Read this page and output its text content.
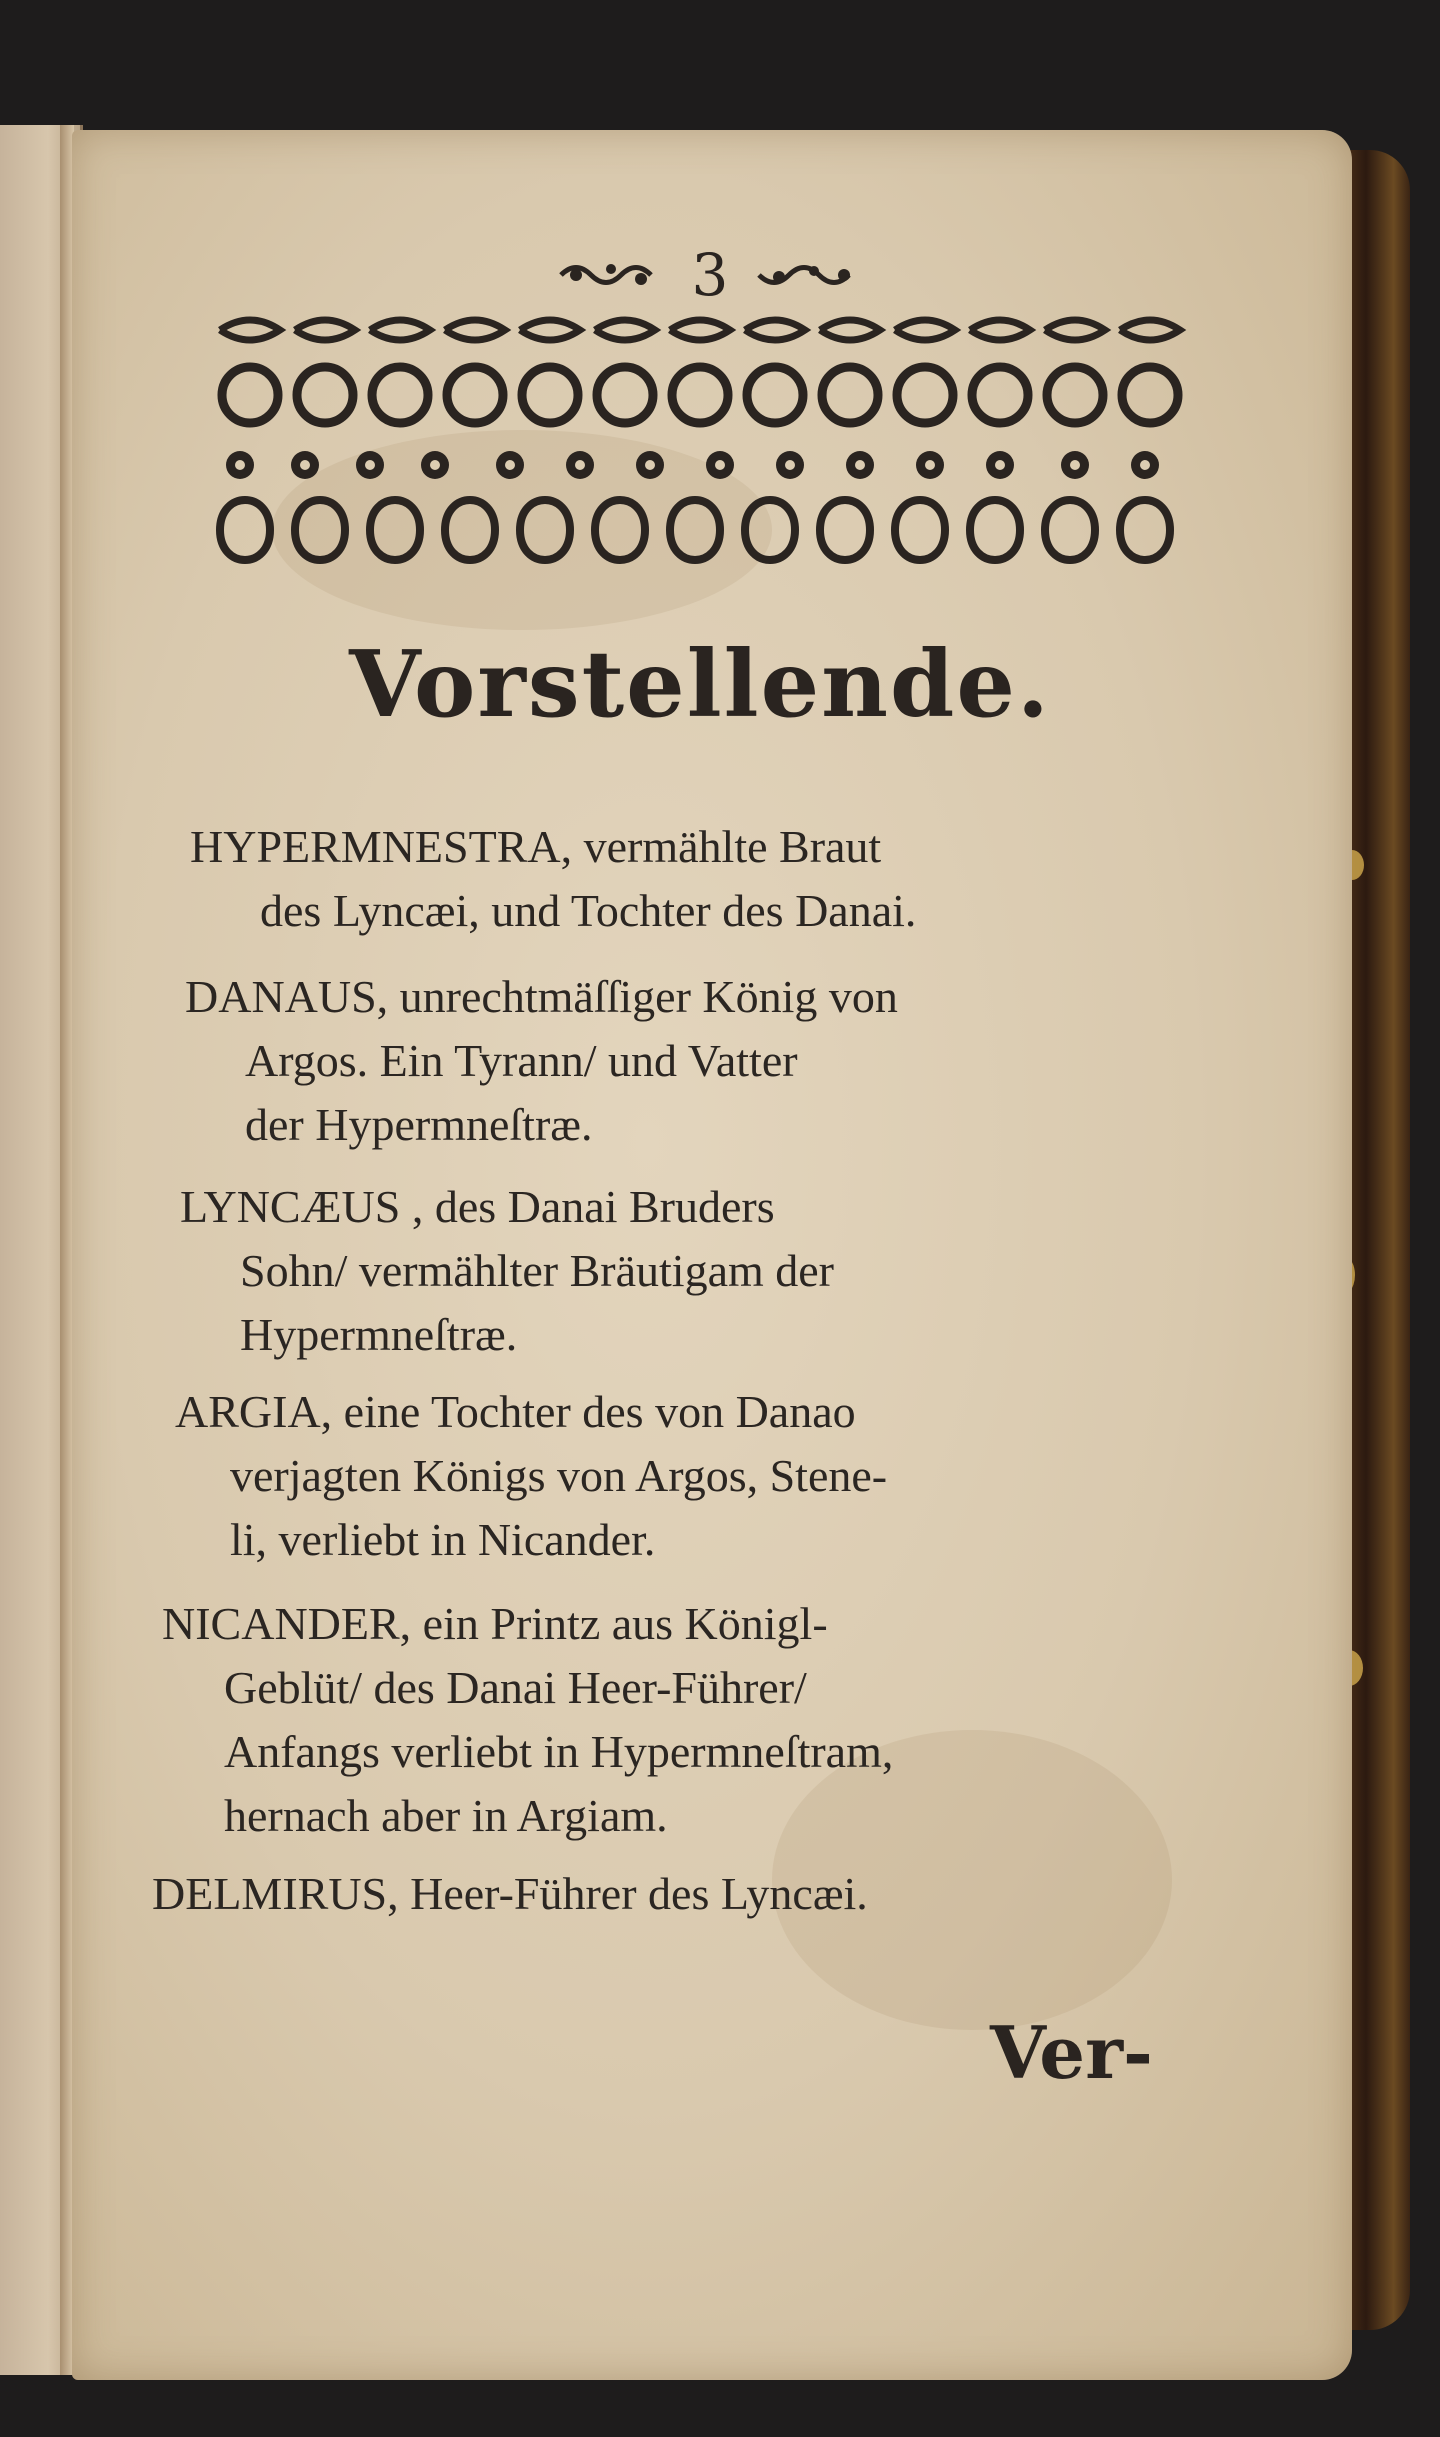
3
Vorstellende.
HYPERMNESTRA, vermählte Braut
des Lyncæi, und Tochter des Danai.
DANAUS, unrechtmäſſiger König von
Argos. Ein Tyrann/ und Vatter
der Hypermneſtræ.
LYNCÆUS , des Danai Bruders
Sohn/ vermählter Bräutigam der
Hypermneſtræ.
ARGIA, eine Tochter des von Danao
verjagten Königs von Argos, Stene-
li, verliebt in Nicander.
NICANDER, ein Printz aus Königl-
Geblüt/ des Danai Heer-Führer/
Anfangs verliebt in Hypermneſtram,
hernach aber in Argiam.
DELMIRUS, Heer-Führer des Lyncæi.
Ver-
